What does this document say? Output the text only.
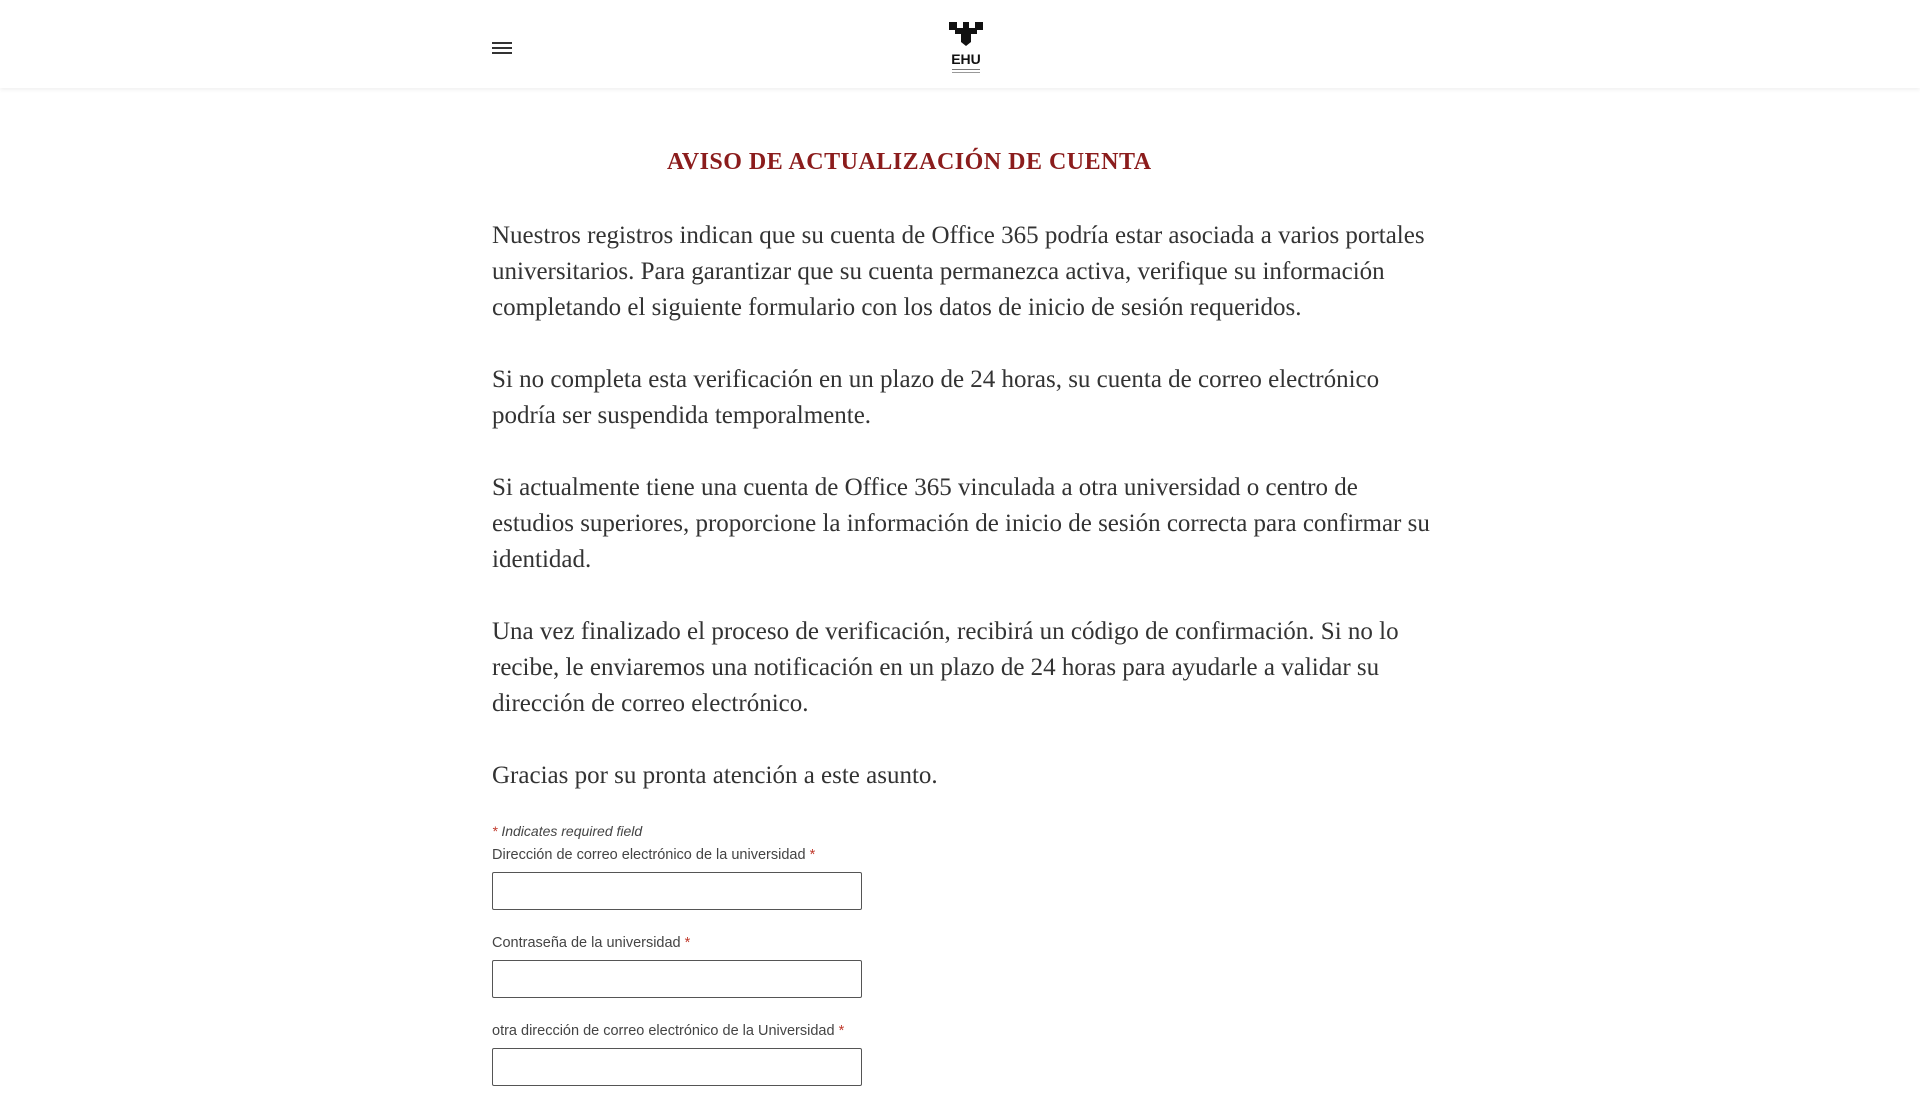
EHU
AVISO DE ACTUALIZACIÓN DE CUENTA

Nuestros registros indican que su cuenta de Office 365 podría estar asociada a varios portales universitarios. Para garantizar que su cuenta permanezca activa, verifique su información completando el siguiente formulario con los datos de inicio de sesión requeridos.

Si no completa esta verificación en un plazo de 24 horas, su cuenta de correo electrónico podría ser suspendida temporalmente.

Si actualmente tiene una cuenta de Office 365 vinculada a otra universidad o centro de estudios superiores, proporcione la información de inicio de sesión correcta para confirmar su identidad.

Una vez finalizado el proceso de verificación, recibirá un código de confirmación. Si no lo recibe, le enviaremos una notificación en un plazo de 24 horas para ayudarle a validar su dirección de correo electrónico.

Gracias por su pronta atención a este asunto.

* Indicates required field
Dirección de correo electrónico de la universidad *
Contraseña de la universidad *
otra dirección de correo electrónico de la Universidad *
